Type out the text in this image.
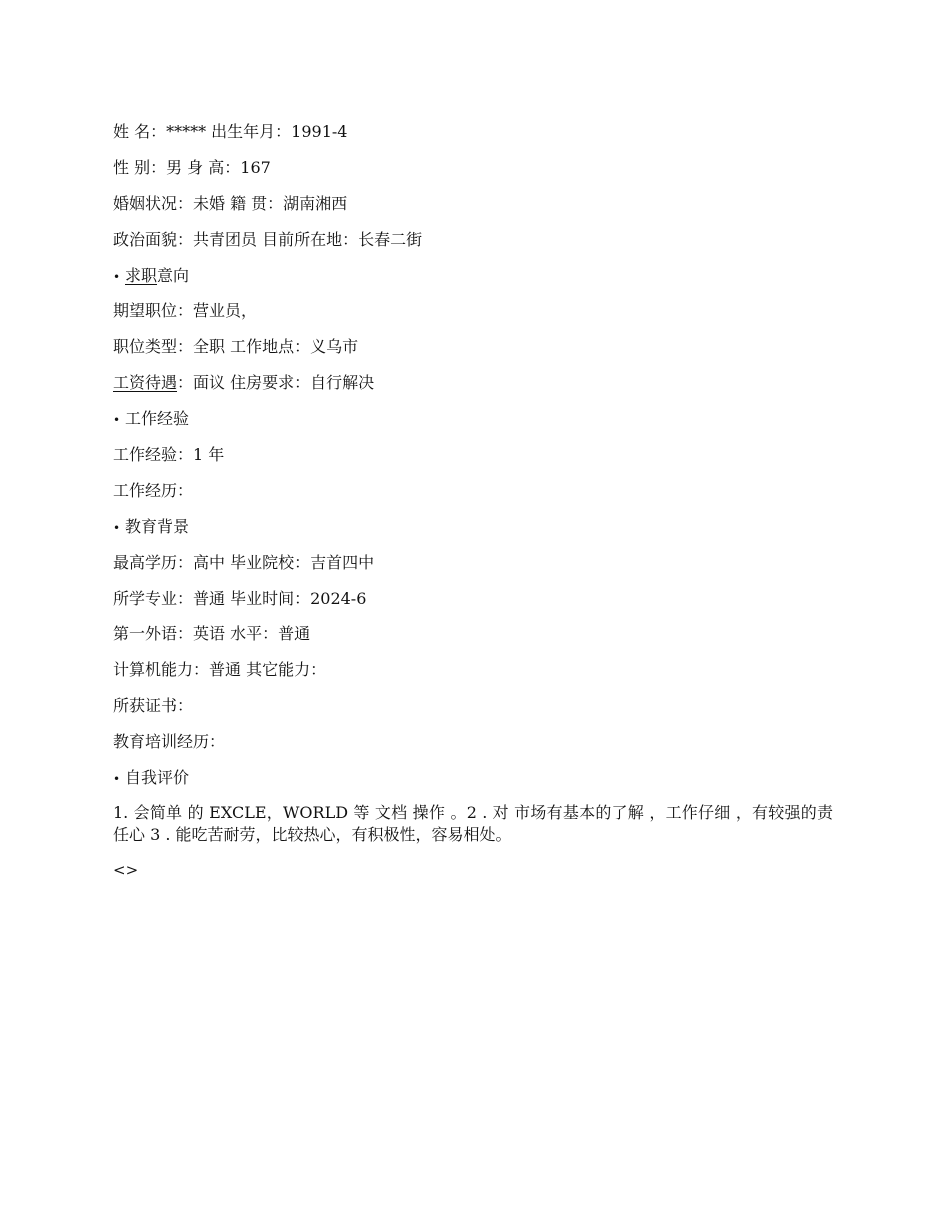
姓 名：***** 出生年月：1991-4
性 别：男 身 高：167
婚姻状况：未婚 籍 贯：湖南湘西
政治面貌：共青团员 目前所在地：长春二街
• 求职意向
期望职位：营业员，
职位类型：全职 工作地点：义乌市
工资待遇：面议 住房要求：自行解决
• 工作经验
工作经验：1 年
工作经历：
• 教育背景
最高学历：高中 毕业院校：吉首四中
所学专业：普通 毕业时间：2024-6
第一外语：英语 水平：普通
计算机能力：普通 其它能力：
所获证书：
教育培训经历：
• 自我评价
1. 会简单 的 EXCLE，WORLD 等 文档 操作 。2 . 对 市场有基本的了解 ，工作仔细 ，有较强的责任心 3 . 能吃苦耐劳，比较热心，有积极性，容易相处。
<>
